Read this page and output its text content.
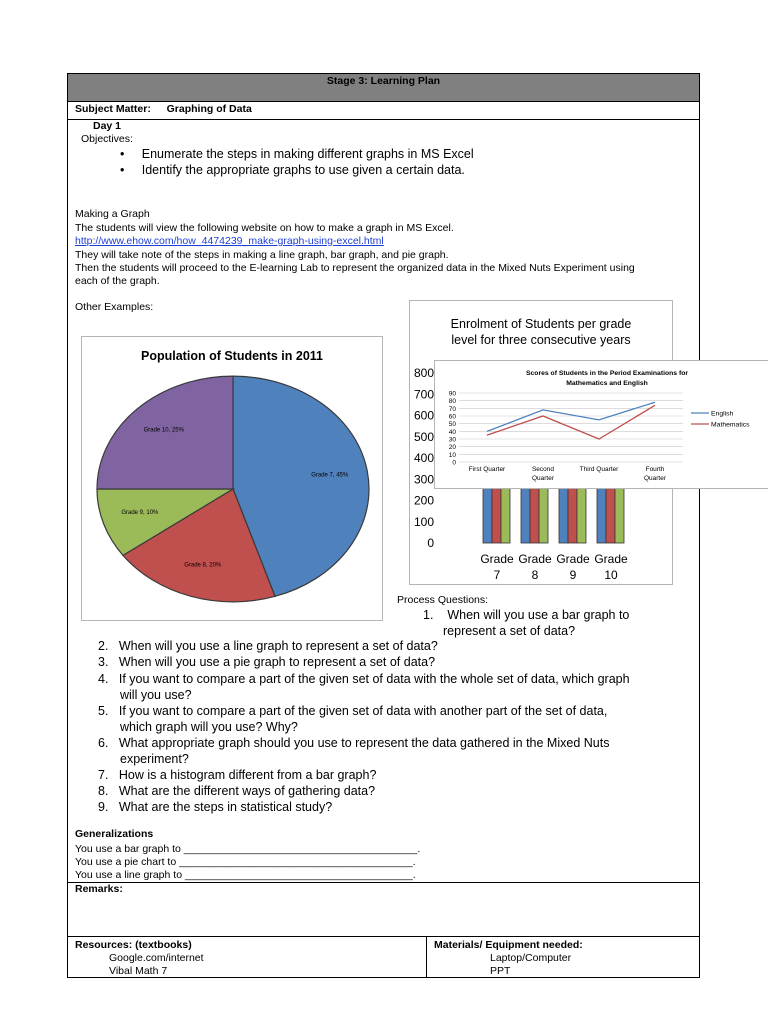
Stage 3: Learning Plan
Subject Matter: Graphing of Data
Day 1
Objectives:
•     Enumerate the steps in making different graphs in MS Excel
•     Identify the appropriate graphs to use given a certain data.
Making a Graph
The students will view the following website on how to make a graph in MS Excel.
http://www.ehow.com/how_4474239_make-graph-using-excel.html
They will take note of the steps in making a line graph, bar graph, and pie graph.
Then the students will proceed to the E-learning Lab to represent the organized data in the Mixed Nuts Experiment using
each of the graph.
Other Examples:
Population of Students in 2011
Grade 7, 45%
Grade 8, 20%
Grade 9, 10%
Grade 10, 25%
Enrolment of Students per grade
level for three consecutive years
800
700
600
500
400
300
200
100
0
Grade
7
Grade
8
Grade
9
Grade
10
Scores of Students in the Period Examinations for
Mathematics and English
90
80
70
60
50
40
30
20
10
0
First Quarter	Second
Quarter
Third Quarter	Fourth
Quarter
English
Mathematics
Process Questions:
1. When will you use a bar graph to
represent a set of data?
2. When will you use a line graph to represent a set of data?
3. When will you use a pie graph to represent a set of data?
4. If you want to compare a part of the given set of data with the whole set of data, which graph
will you use?
5. If you want to compare a part of the given set of data with another part of the set of data,
which graph will you use? Why?
6. What appropriate graph should you use to represent the data gathered in the Mixed Nuts
experiment?
7. How is a histogram different from a bar graph?
8. What are the different ways of gathering data?
9. What are the steps in statistical study?
Generalizations
You use a bar graph to ________________________________________.
You use a pie chart to ________________________________________.
You use a line graph to _______________________________________.
Remarks:
Resources: (textbooks)
Google.com/internet
Vibal Math 7
Materials/ Equipment needed:
Laptop/Computer
PPT
